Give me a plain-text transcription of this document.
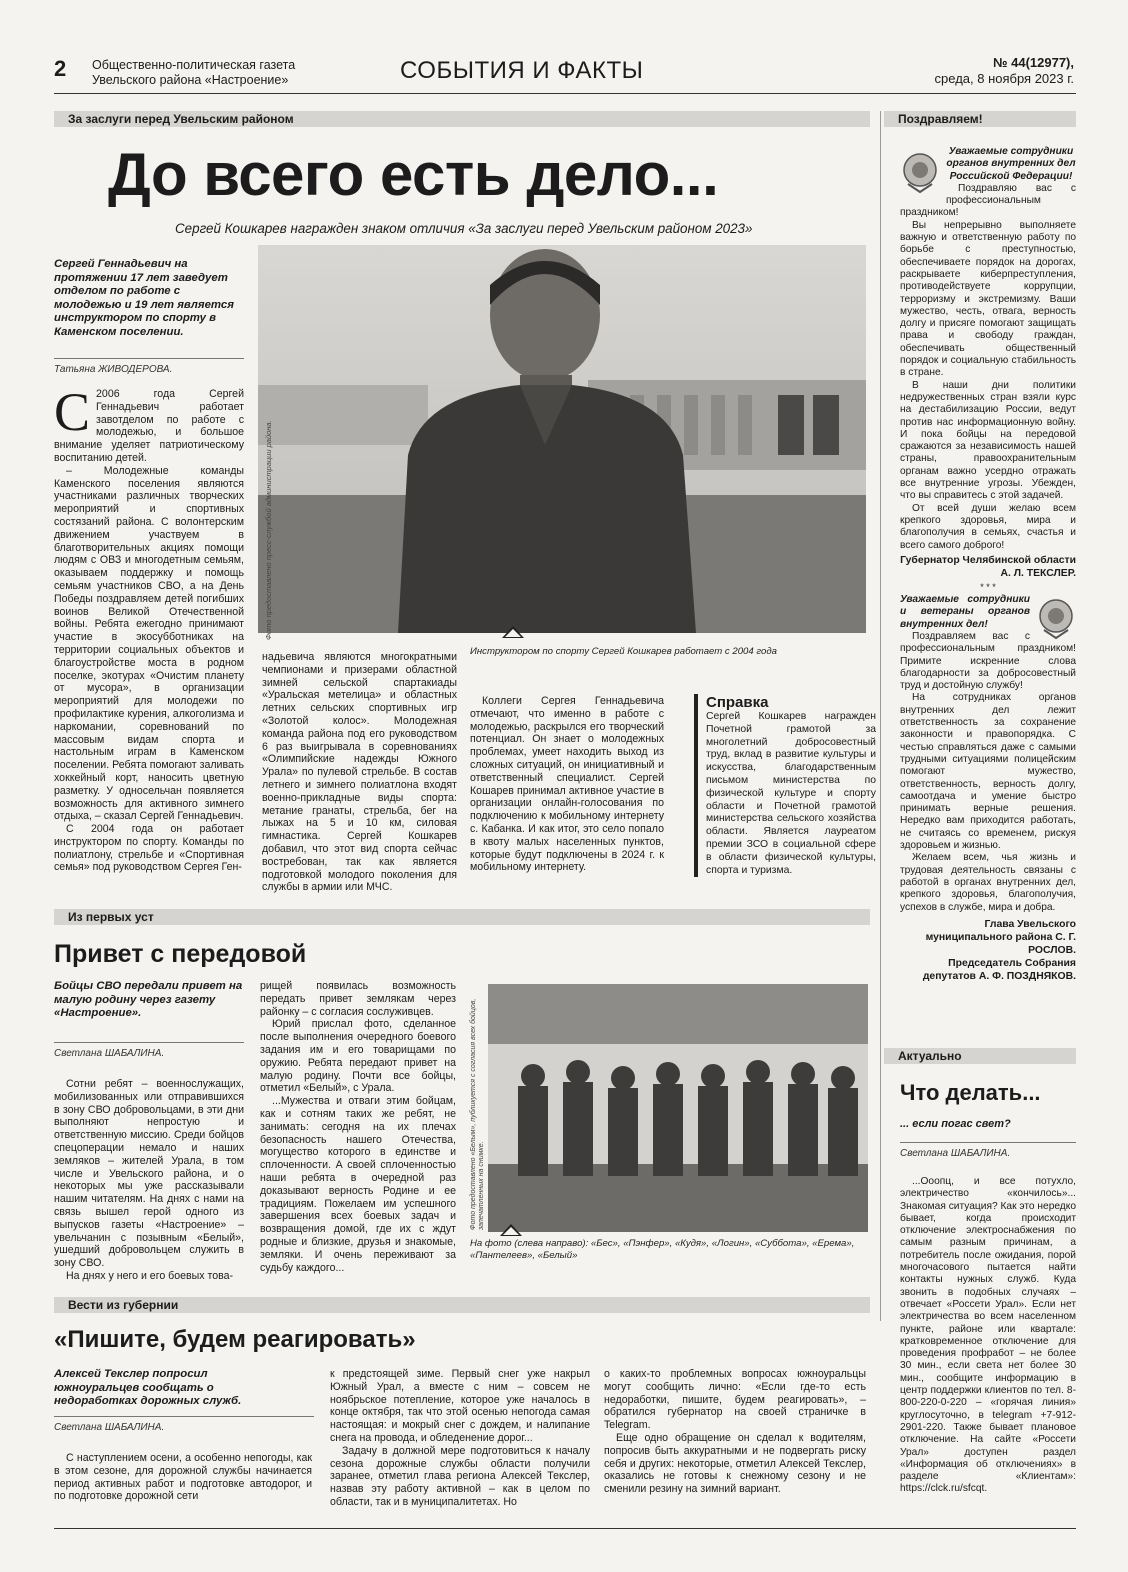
2 Общественно-политическая газета
Увельского района «Настроение»	СОБЫТИЯ И ФАКТЫ	№ 44(12977),
среда, 8 ноября 2023 г.
За заслуги перед Увельским районом
До всего есть дело...
Сергей Кошкарев награжден знаком отличия «За заслуги перед Увельским районом 2023»
Сергей Геннадьевич на протяжении 17 лет заведует отделом по работе с молодежью и 19 лет является инструктором по спорту в Каменском поселении.
Татьяна ЖИВОДЕРОВА.

С 2006 года Сергей Геннадьевич работает завотделом по работе с молодежью, и большое внимание уделяет патриотическому воспитанию детей.

– Молодежные команды Каменского поселения являются участниками различных творческих мероприятий и спортивных состязаний района. С волонтерским движением участвуем в благотворительных акциях помощи людям с ОВЗ и многодетным семьям, оказываем поддержку и помощь семьям участников СВО, а на День Победы поздравляем детей погибших воинов Великой Отечественной войны. Ребята ежегодно принимают участие в экосубботниках на территории социальных объектов и благоустройстве моста в родном поселке, экотурах «Очистим планету от мусора», в организации мероприятий для молодежи по профилактике курения, алкоголизма и наркомании, соревнований по массовым видам спорта и настольным играм в Каменском поселении. Ребята помогают заливать хоккейный корт, наносить цветную разметку. У односельчан появляется возможность для активного зимнего отдыха, – сказал Сергей Геннадьевич.

С 2004 года он работает инструктором по спорту. Команды по полиатлону, стрельбе и «Спортивная семья» под руководством Сергея Ген-

Фото предоставлено пресс-службой администрации района.
Инструктором по спорту Сергей Кошкарев работает с 2004 года

надьевича являются многократными чемпионами и призерами областной зимней сельской спартакиады «Уральская метелица» и областных летних сельских спортивных игр «Золотой колос». Молодежная команда района под его руководством 6 раз выигрывала в соревнованиях «Олимпийские надежды Южного Урала» по пулевой стрельбе. В состав летнего и зимнего полиатлона входят военно-прикладные виды спорта: метание гранаты, стрельба, бег на лыжах на 5 и 10 км, силовая гимнастика. Сергей Кошкарев добавил, что этот вид спорта сейчас востребован, так как является подготовкой молодого поколения для службы в армии или МЧС.

Коллеги Сергея Геннадьевича отмечают, что именно в работе с молодежью, раскрылся его творческий потенциал. Он знает о молодежных проблемах, умеет находить выход из сложных ситуаций, он инициативный и ответственный специалист. Сергей Кошарев принимал активное участие в организации онлайн-голосования по подключению к мобильному интернету с. Кабанка. И как итог, это село попало в квоту малых населенных пунктов, которые будут подключены в 2024 г. к мобильному интернету.

Справка
Сергей Кошкарев награжден Почетной грамотой за многолетний добросовестный труд, вклад в развитие культуры и искусства, благодарственным письмом министерства по физической культуре и спорту области и Почетной грамотой министерства сельского хозяйства области. Является лауреатом премии ЗСО в социальной сфере в области физической культуры, спорта и туризма.
Поздравляем!

Уважаемые сотрудники органов внутренних дел Российской Федерации!

Поздравляю вас с профессиональным праздником!

Вы непрерывно выполняете важную и ответственную работу по борьбе с преступностью, обеспечиваете порядок на дорогах, раскрываете киберпреступления, противодействуете коррупции, терроризму и экстремизму. Ваши мужество, честь, отвага, верность долгу и присяге помогают защищать права и свободу граждан, обеспечивать общественный порядок и социальную стабильность в стране.

В наши дни политики недружественных стран взяли курс на дестабилизацию России, ведут против нас информационную войну. И пока бойцы на передовой сражаются за независимость нашей страны, правоохранительным органам важно усердно отражать все внутренние угрозы. Убежден, что вы справитесь с этой задачей.

От всей души желаю всем крепкого здоровья, мира и благополучия в семьях, счастья и всего самого доброго!

Губернатор Челябинской области А. Л. ТЕКСЛЕР.
* * *

Уважаемые сотрудники и ветераны органов внутренних дел!

Поздравляем вас с профессиональным праздником! Примите искренние слова благодарности за добросовестный труд и достойную службу!

На сотрудниках органов внутренних дел лежит ответственность за сохранение законности и правопорядка. С честью справляться даже с самыми трудными ситуациями полицейским помогают мужество, ответственность, верность долгу, самоотдача и умение быстро принимать верные решения. Нередко вам приходится работать, не считаясь со временем, рискуя здоровьем и жизнью.

Желаем всем, чья жизнь и трудовая деятельность связаны с работой в органах внутренних дел, крепкого здоровья, благополучия, успехов в службе, мира и добра.

Глава Увельского муниципального района С. Г. РОСЛОВ.
Председатель Собрания депутатов А. Ф. ПОЗДНЯКОВ.
Из первых уст
Привет с передовой
Бойцы СВО передали привет на малую родину через газету «Настроение».
Светлана ШАБАЛИНА.

Сотни ребят – военнослужащих, мобилизованных или отправившихся в зону СВО добровольцами, в эти дни выполняют непростую и ответственную миссию. Среди бойцов спецоперации немало и наших земляков – жителей Урала, в том числе и Увельского района, и о некоторых мы уже рассказывали нашим читателям. На днях с нами на связь вышел герой одного из выпусков газеты «Настроение» – увельчанин с позывным «Белый», ушедший добровольцем служить в зону СВО.

На днях у него и его боевых това-

рищей появилась возможность передать привет землякам через районку – с согласия сослуживцев.

Юрий прислал фото, сделанное после выполнения очередного боевого задания им и его товарищами по оружию. Ребята передают привет на малую родину. Почти все бойцы, отметил «Белый», с Урала.

...Мужества и отваги этим бойцам, как и сотням таких же ребят, не занимать: сегодня на их плечах безопасность нашего Отечества, могущество которого в единстве и сплоченности. А своей сплоченностью наши ребята в очередной раз доказывают верность Родине и ее традициям. Пожелаем им успешного завершения всех боевых задач и возвращения домой, где их с ждут родные и близкие, друзья и знакомые, земляки. И очень переживают за судьбу каждого...

Фото предоставлено «Белым», публикуется с согласия всех бойцов, запечатленных на снимке.
На фото (слева направо): «Бес», «Пэнфер», «Кудя», «Логин», «Суббота», «Ерема», «Пантелеев», «Белый»
Актуально
Что делать...
... если погас свет?
Светлана ШАБАЛИНА.

...Ооопц, и все потухло, электричество «кончилось»... Знакомая ситуация? Как это нередко бывает, когда происходит отключение электроснабжения по самым разным причинам, а потребитель после ожидания, порой многочасового пытается найти контакты нужных служб. Куда звонить в подобных случаях – отвечает «Россети Урал». Если нет электричества во всем населенном пункте, районе или квартале: кратковременное отключение для проведения профработ – не более 30 мин., если света нет более 30 мин., сообщите информацию в центр поддержки клиентов по тел. 8-800-220-0-220 – «горячая линия» круглосуточно, в telegram +7-912-2901-220. Также бывает плановое отключение. На сайте «Россети Урал» доступен раздел «Информация об отключениях» в разделе «Клиентам»: https://clck.ru/sfcqt.

Вести из губернии
«Пишите, будем реагировать»
Алексей Текслер попросил южноуральцев сообщать о недоработках дорожных служб.
Светлана ШАБАЛИНА.

С наступлением осени, а особенно непогоды, как в этом сезоне, для дорожной службы начинается период активных работ и подготовке автодорог, и по подготовке дорожной сети

к предстоящей зиме. Первый снег уже накрыл Южный Урал, а вместе с ним – совсем не ноябрьское потепление, которое уже началось в конце октября, так что этой осенью непогода самая настоящая: и мокрый снег с дождем, и налипание снега на провода, и обледенение дорог...

Задачу в должной мере подготовиться к началу сезона дорожные службы области получили заранее, отметил глава региона Алексей Текслер, назвав эту работу активной – как в целом по области, так и в муниципалитетах. Но

о каких-то проблемных вопросах южноуральцы могут сообщить лично: «Если где-то есть недоработки, пишите, будем реагировать», – обратился губернатор на своей страничке в Telegram.

Еще одно обращение он сделал к водителям, попросив быть аккуратными и не подвергать риску себя и других: некоторые, отметил Алексей Текслер, оказались не готовы к снежному сезону и не сменили резину на зимний вариант.
